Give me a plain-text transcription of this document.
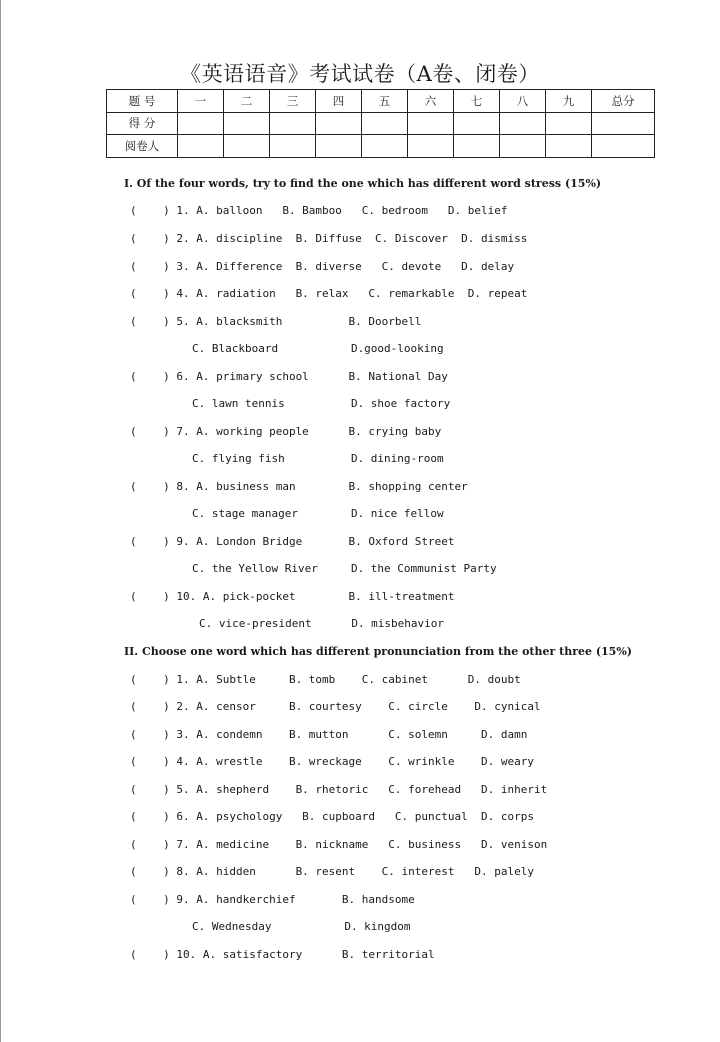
《英语语音》考试试卷（A卷、闭卷）
题 号	一	二	三	四	五	六	七	八	九	总分
得 分										
阅卷人										
I. Of the four words, try to find the one which has different word stress (15%)
(    ) 1. A. balloon   B. Bamboo   C. bedroom   D. belief
(    ) 2. A. discipline  B. Diffuse  C. Discover  D. dismiss
(    ) 3. A. Difference  B. diverse   C. devote   D. delay
(    ) 4. A. radiation   B. relax   C. remarkable  D. repeat
(    ) 5. A. blacksmith          B. Doorbell
C. Blackboard           D.good-looking
(    ) 6. A. primary school      B. National Day
C. lawn tennis          D. shoe factory
(    ) 7. A. working people      B. crying baby
C. flying fish          D. dining-room
(    ) 8. A. business man        B. shopping center
C. stage manager        D. nice fellow
(    ) 9. A. London Bridge       B. Oxford Street
C. the Yellow River     D. the Communist Party
(    ) 10. A. pick-pocket        B. ill-treatment
C. vice-president      D. misbehavior
II. Choose one word which has different pronunciation from the other three (15%)
(    ) 1. A. Subtle     B. tomb    C. cabinet      D. doubt
(    ) 2. A. censor     B. courtesy    C. circle    D. cynical
(    ) 3. A. condemn    B. mutton      C. solemn     D. damn
(    ) 4. A. wrestle    B. wreckage    C. wrinkle    D. weary
(    ) 5. A. shepherd    B. rhetoric   C. forehead   D. inherit
(    ) 6. A. psychology   B. cupboard   C. punctual  D. corps
(    ) 7. A. medicine    B. nickname   C. business   D. venison
(    ) 8. A. hidden      B. resent    C. interest   D. palely
(    ) 9. A. handkerchief       B. handsome
C. Wednesday           D. kingdom
(    ) 10. A. satisfactory      B. territorial
